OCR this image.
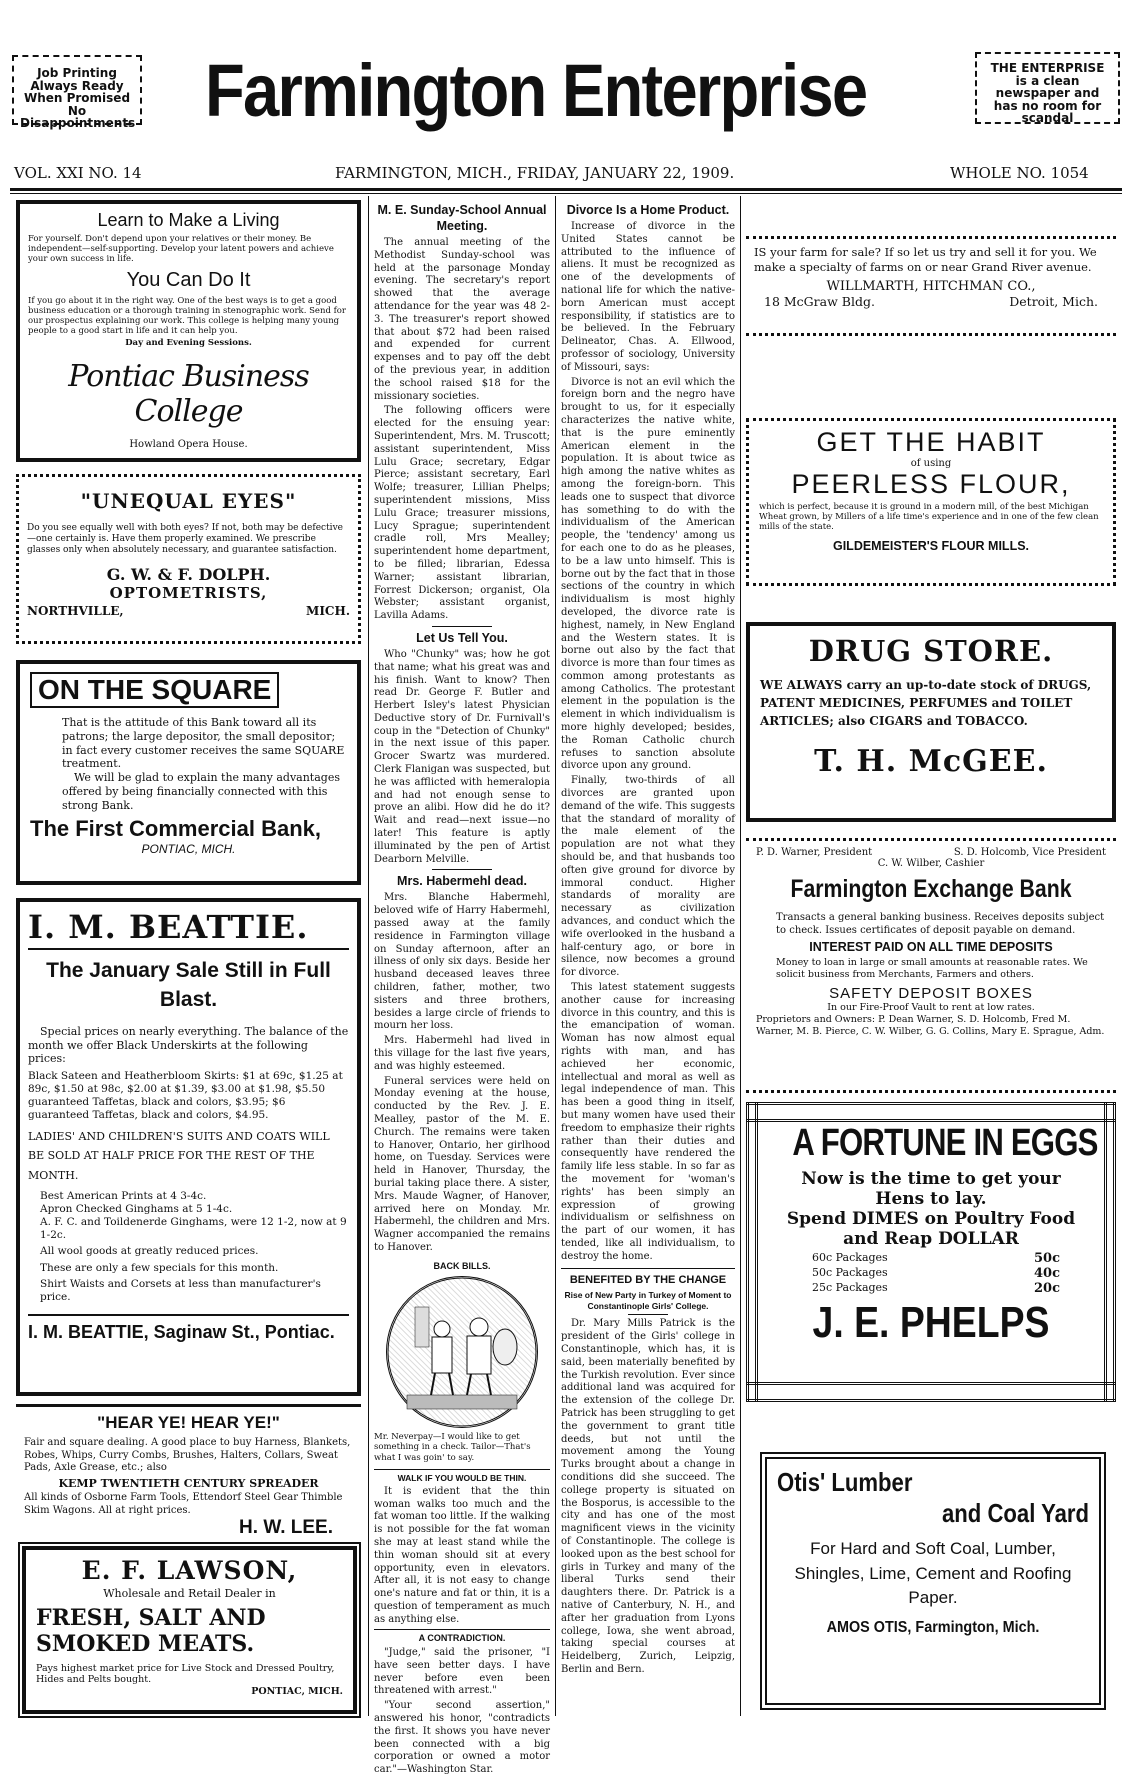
Job Printing Always Ready When Promised No Disappointments Farmington Enterprise	THE ENTERPRISE is a clean newspaper and has no room for scandal
VOL. XXI NO. 14	FARMINGTON, MICH., FRIDAY, JANUARY 22, 1909.	WHOLE NO. 1054
Learn to Make a Living
For yourself. Don't depend upon your relatives or their money. Be independent—self-supporting. Develop your latent powers and achieve your own success in life.
You Can Do It
If you go about it in the right way. One of the best ways is to get a good business education or a thorough training in stenographic work. Send for our prospectus explaining our work. This college is helping many young people to a good start in life and it can help you.
Day and Evening Sessions.
Pontiac Business College
Howland Opera House.
"UNEQUAL EYES"
Do you see equally well with both eyes? If not, both may be defective—one certainly is. Have them properly examined. We prescribe glasses only when absolutely necessary, and guarantee satisfaction.
G. W. & F. DOLPH.
OPTOMETRISTS,
NORTHVILLE,	MICH.
ON THE SQUARE
That is the attitude of this Bank toward all its patrons; the large depositor, the small depositor; in fact every customer receives the same SQUARE treatment.
We will be glad to explain the many advantages offered by being financially connected with this strong Bank.
The First Commercial Bank,
PONTIAC, MICH.
I. M. BEATTIE.
The January Sale Still in Full Blast.
Special prices on nearly everything. The balance of the month we offer Black Underskirts at the following prices:
Black Sateen and Heatherbloom Skirts: $1 at 69c, $1.25 at 89c, $1.50 at 98c, $2.00 at $1.39, $3.00 at $1.98, $5.50 guaranteed Taffetas, black and colors, $3.95; $6 guaranteed Taffetas, black and colors, $4.95.
LADIES' AND CHILDREN'S SUITS AND COATS WILL BE SOLD AT HALF PRICE FOR THE REST OF THE MONTH.
Best American Prints at 4 3-4c.
Apron Checked Ginghams at 5 1-4c.
A. F. C. and Toildenerde Ginghams, were 12 1-2, now at 9 1-2c.
All wool goods at greatly reduced prices.
These are only a few specials for this month.
Shirt Waists and Corsets at less than manufacturer's price.
I. M. BEATTIE, Saginaw St., Pontiac.
"HEAR YE! HEAR YE!"
Fair and square dealing. A good place to buy Harness, Blankets, Robes, Whips, Curry Combs, Brushes, Halters, Collars, Sweat Pads, Axle Grease, etc.; also
KEMP TWENTIETH CENTURY SPREADER
All kinds of Osborne Farm Tools, Ettendorf Steel Gear Thimble Skim Wagons. All at right prices.
H. W. LEE.
E. F. LAWSON,
Wholesale and Retail Dealer in
FRESH, SALT AND
SMOKED MEATS.
Pays highest market price for Live Stock and Dressed Poultry, Hides and Pelts bought.
PONTIAC, MICH.
M. E. Sunday-School Annual Meeting.

The annual meeting of the Methodist Sunday-school was held at the parsonage Monday evening. The secretary's report showed that the average attendance for the year was 48 2-3. The treasurer's report showed that about $72 had been raised and expended for current expenses and to pay off the debt of the previous year, in addition the school raised $18 for the missionary societies.

The following officers were elected for the ensuing year: Superintendent, Mrs. M. Truscott; assistant superintendent, Miss Lulu Grace; secretary, Edgar Pierce; assistant secretary, Earl Wolfe; treasurer, Lillian Phelps; superintendent missions, Miss Lulu Grace; treasurer missions, Lucy Sprague; superintendent cradle roll, Mrs Mealley; superintendent home department, to be filled; librarian, Edessa Warner; assistant librarian, Forrest Dickerson; organist, Ola Webster; assistant organist, Lavilla Adams.

Let Us Tell You.

Who "Chunky" was; how he got that name; what his great was and his finish. Want to know? Then read Dr. George F. Butler and Herbert Isley's latest Physician Deductive story of Dr. Furnivall's coup in the "Detection of Chunky" in the next issue of this paper. Grocer Swartz was murdered. Clerk Flanigan was suspected, but he was afflicted with hemeralopia and had not enough sense to prove an alibi. How did he do it? Wait and read—next issue—no later! This feature is aptly illuminated by the pen of Artist Dearborn Melville.

Mrs. Habermehl dead.

Mrs. Blanche Habermehl, beloved wife of Harry Habermehl, passed away at the family residence in Farmington village on Sunday afternoon, after an illness of only six days. Beside her husband deceased leaves three children, father, mother, two sisters and three brothers, besides a large circle of friends to mourn her loss.

Mrs. Habermehl had lived in this village for the last five years, and was highly esteemed.

Funeral services were held on Monday evening at the house, conducted by the Rev. J. E. Mealley, pastor of the M. E. Church. The remains were taken to Hanover, Ontario, her girlhood home, on Tuesday. Services were held in Hanover, Thursday, the burial taking place there. A sister, Mrs. Maude Wagner, of Hanover, arrived here on Monday. Mr. Habermehl, the children and Mrs. Wagner accompanied the remains to Hanover.

BACK BILLS.
Mr. Neverpay—I would like to get something in a check. Tailor—That's what I was goin' to say.
WALK IF YOU WOULD BE THIN.

It is evident that the thin woman walks too much and the fat woman too little. If the walking is not possible for the fat woman she may at least stand while the thin woman should sit at every opportunity, even in elevators. After all, it is not easy to change one's nature and fat or thin, it is a question of temperament as much as anything else.

A CONTRADICTION.

"Judge," said the prisoner, "I have seen better days. I have never before even been threatened with arrest."

"Your second assertion," answered his honor, "contradicts the first. It shows you have never been connected with a big corporation or owned a motor car."—Washington Star.

Divorce Is a Home Product.

Increase of divorce in the United States cannot be attributed to the influence of aliens. It must be recognized as one of the developments of national life for which the native-born American must accept responsibility, if statistics are to be believed. In the February Delineator, Chas. A. Ellwood, professor of sociology, University of Missouri, says:

Divorce is not an evil which the foreign born and the negro have brought to us, for it especially characterizes the native white, that is the pure eminently American element in the population. It is about twice as high among the native whites as among the foreign-born. This leads one to suspect that divorce has something to do with the individualism of the American people, the 'tendency' among us for each one to do as he pleases, to be a law unto himself. This is borne out by the fact that in those sections of the country in which individualism is most highly developed, the divorce rate is highest, namely, in New England and the Western states. It is borne out also by the fact that divorce is more than four times as common among protestants as among Catholics. The protestant element in the population is the element in which individualism is more highly developed; besides, the Roman Catholic church refuses to sanction absolute divorce upon any ground.

Finally, two-thirds of all divorces are granted upon demand of the wife. This suggests that the standard of morality of the male element of the population are not what they should be, and that husbands too often give ground for divorce by immoral conduct. Higher standards of morality are necessary as civilization advances, and conduct which the wife overlooked in the husband a half-century ago, or bore in silence, now becomes a ground for divorce.

This latest statement suggests another cause for increasing divorce in this country, and this is the emancipation of woman. Woman has now almost equal rights with man, and has achieved her economic, intellectual and moral as well as legal independence of man. This has been a good thing in itself, but many women have used their freedom to emphasize their rights rather than their duties and consequently have rendered the family life less stable. In so far as the movement for 'woman's rights' has been simply an expression of growing individualism or selfishness on the part of our women, it has tended, like all individualism, to destroy the home.

BENEFITED BY THE CHANGE
Rise of New Party in Turkey of Moment to Constantinople Girls' College.

Dr. Mary Mills Patrick is the president of the Girls' college in Constantinople, which has, it is said, been materially benefited by the Turkish revolution. Ever since additional land was acquired for the extension of the college Dr. Patrick has been struggling to get the government to grant title deeds, but not until the movement among the Young Turks brought about a change in conditions did she succeed. The college property is situated on the Bosporus, is accessible to the city and has one of the most magnificent views in the vicinity of Constantinople. The college is looked upon as the best school for girls in Turkey and many of the liberal Turks send their daughters there. Dr. Patrick is a native of Canterbury, N. H., and after her graduation from Lyons college, Iowa, she went abroad, taking special courses at Heidelberg, Zurich, Leipzig, Berlin and Bern.

IS your farm for sale? If so let us try and sell it for you. We make a specialty of farms on or near Grand River avenue.
WILLMARTH, HITCHMAN CO.,
18 McGraw Bldg.	Detroit, Mich.
GET THE HABIT
of using
PEERLESS FLOUR,
which is perfect, because it is ground in a modern mill, of the best Michigan Wheat grown, by Millers of a life time's experience and in one of the few clean mills of the state.
GILDEMEISTER'S FLOUR MILLS.
DRUG STORE.
WE ALWAYS carry an up-to-date stock of DRUGS, PATENT MEDICINES, PERFUMES and TOILET ARTICLES; also CIGARS and TOBACCO.
T. H. McGEE.
P. D. Warner, President	S. D. Holcomb, Vice President
C. W. Wilber, Cashier
Farmington Exchange Bank
Transacts a general banking business. Receives deposits subject to check. Issues certificates of deposit payable on demand.
INTEREST PAID ON ALL TIME DEPOSITS
Money to loan in large or small amounts at reasonable rates. We solicit business from Merchants, Farmers and others.
SAFETY DEPOSIT BOXES
In our Fire-Proof Vault to rent at low rates.
Proprietors and Owners: P. Dean Warner, S. D. Holcomb, Fred M. Warner, M. B. Pierce, C. W. Wilber, G. G. Collins, Mary E. Sprague, Adm.
A FORTUNE IN EGGS
Now is the time to get your
Hens to lay.
Spend DIMES on Poultry Food
and Reap DOLLAR
60c Packages	50c
50c Packages	40c
25c Packages	20c
J. E. PHELPS
Otis' Lumber
and Coal Yard
For Hard and Soft Coal, Lumber, Shingles, Lime, Cement and Roofing Paper.
AMOS OTIS, Farmington, Mich.
